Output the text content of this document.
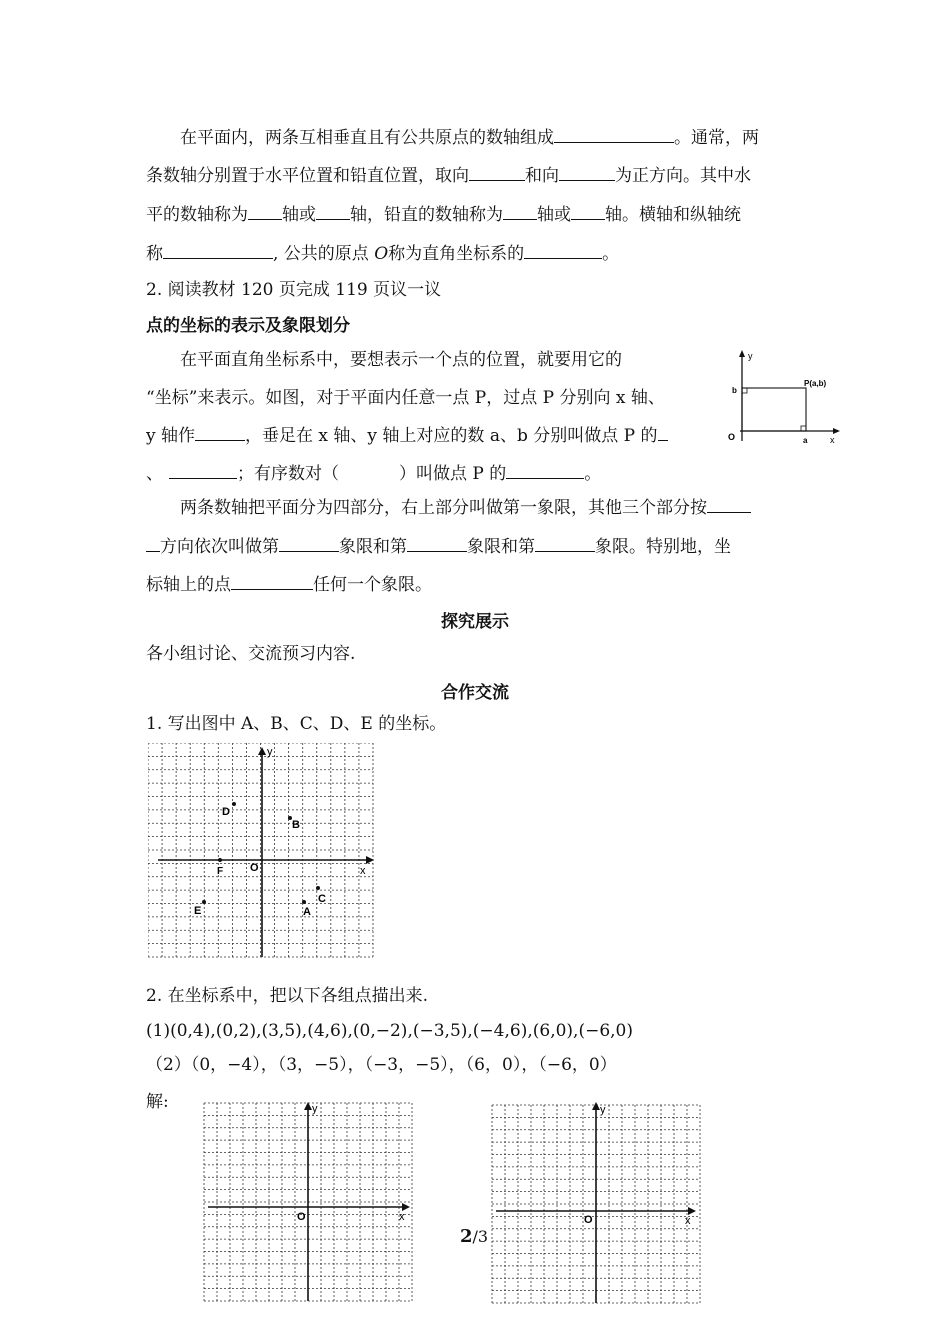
在平面内，两条互相垂直且有公共原点的数轴组成	。通常，两
条数轴分别置于水平位置和铅直位置，取向	和向	为正方向。其中水
平的数轴称为 轴或 轴，铅直的数轴称为 轴或 轴。横轴和纵轴统
称	, 公共的原点 O称为直角坐标系的	。
2. 阅读教材 120 页完成 119 页议一议
点的坐标的表示及象限划分
在平面直角坐标系中，要想表示一个点的位置，就要用它的
“坐标”来表示。如图，对于平面内任意一点 P，过点 P 分别向 x 轴、
y 轴作	，垂足在 x 轴、y 轴上对应的数 a、b 分别叫做点 P 的
、	；有序数对（	）叫做点 P 的	。
y
x
O	a
b
P(a,b)
两条数轴把平面分为四部分，右上部分叫做第一象限，其他三个部分按
方向依次叫做第	象限和第	象限和第	象限。特别地，坐
标轴上的点	任何一个象限。
探究展示
各小组讨论、交流预习内容.
合作交流
1. 写出图中 A、B、C、D、E 的坐标。
y
x
O
D
B
F
C
A
E
2. 在坐标系中，把以下各组点描出来.
(1)(0,4),(0,2),(3,5),(4,6),(0,−2),(−3,5),(−4,6),(6,0),(−6,0)
（2）（0，−4），（3，−5），（−3，−5），（6，0），（−6，0）
解:	y
x
O
y
x
O
2/3
